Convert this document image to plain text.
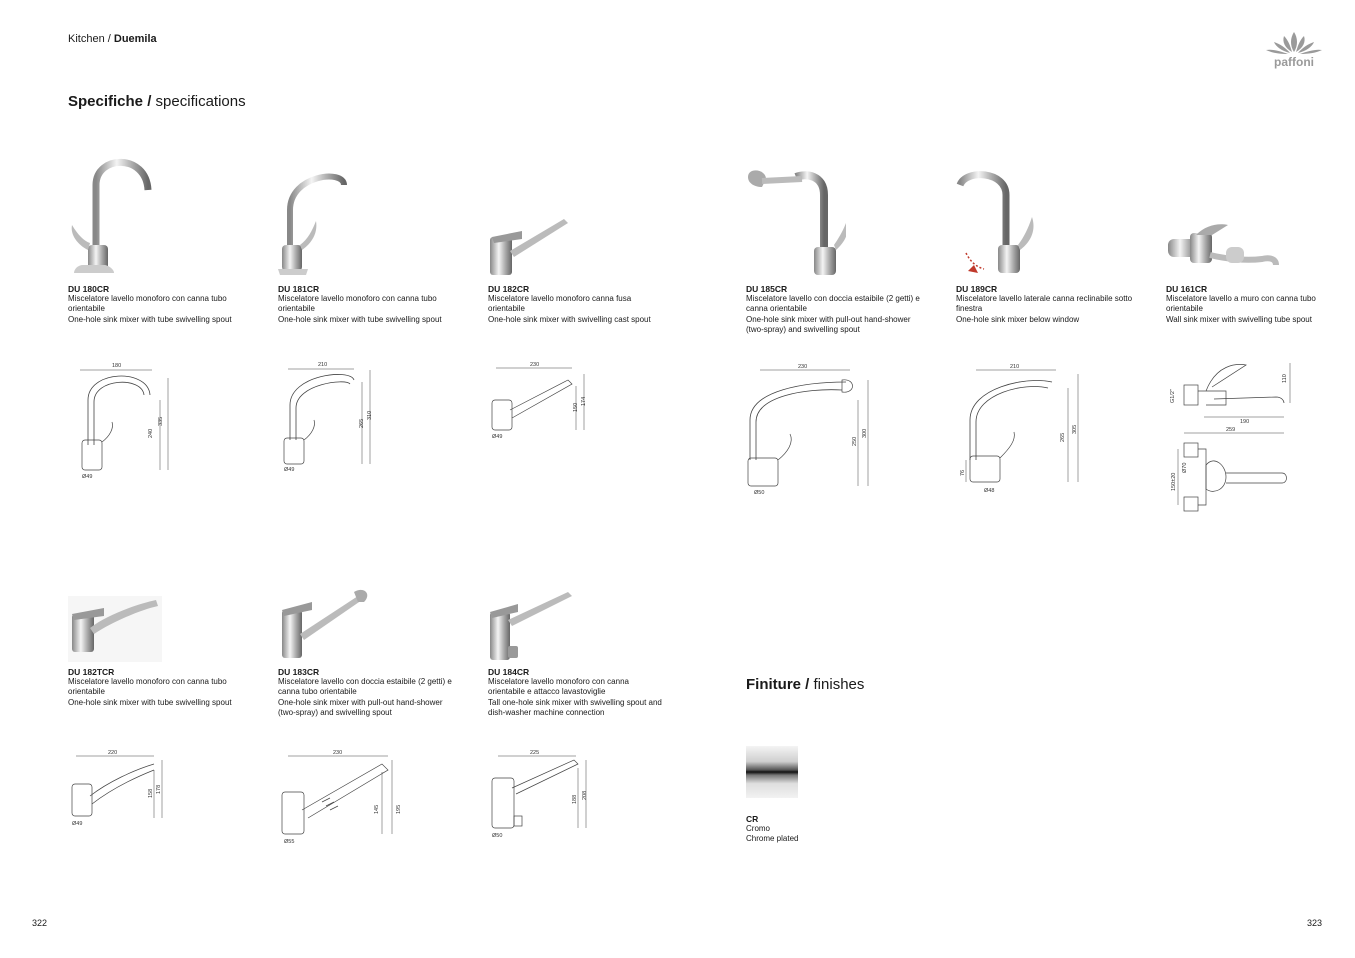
Kitchen / Duemila
paffoni
Specifiche / specifications
DU 180CR
Miscelatore lavello monoforo con canna tubo orientabile
One-hole sink mixer with tube swivelling spout
180
240
335
Ø49
DU 181CR
Miscelatore lavello monoforo con canna tubo orientabile
One-hole sink mixer with tube swivelling spout
210
265
310
Ø49
DU 182CR
Miscelatore lavello monoforo canna fusa orientabile
One-hole sink mixer with swivelling cast spout
230
150
174
Ø49
DU 185CR
Miscelatore lavello con doccia estaibile (2 getti) e canna orientabile
One-hole sink mixer with pull-out hand-shower (two-spray) and swivelling spout
230
250
300
Ø50
DU 189CR
Miscelatore lavello laterale canna reclinabile sotto finestra
One-hole sink mixer below window
210
265
305
Ø48
76
DU 161CR
Miscelatore lavello a muro con canna tubo orientabile
Wall sink mixer with swivelling tube spout
110
190
259
G1/2"
150±20
Ø70
DU 182TCR
Miscelatore lavello monoforo con canna tubo orientabile
One-hole sink mixer with tube swivelling spout
220
158 178
Ø49
DU 183CR
Miscelatore lavello con doccia estaibile (2 getti) e canna tubo orientabile
One-hole sink mixer with pull-out hand-shower (two-spray) and swivelling spout
230
145	195
Ø55
DU 184CR
Miscelatore lavello monoforo con canna orientabile e attacco lavastoviglie
Tall one-hole sink mixer with swivelling spout and dish-washer machine connection
225
188 208
Ø50
Finiture / finishes
CR
Cromo
Chrome plated
322	323
